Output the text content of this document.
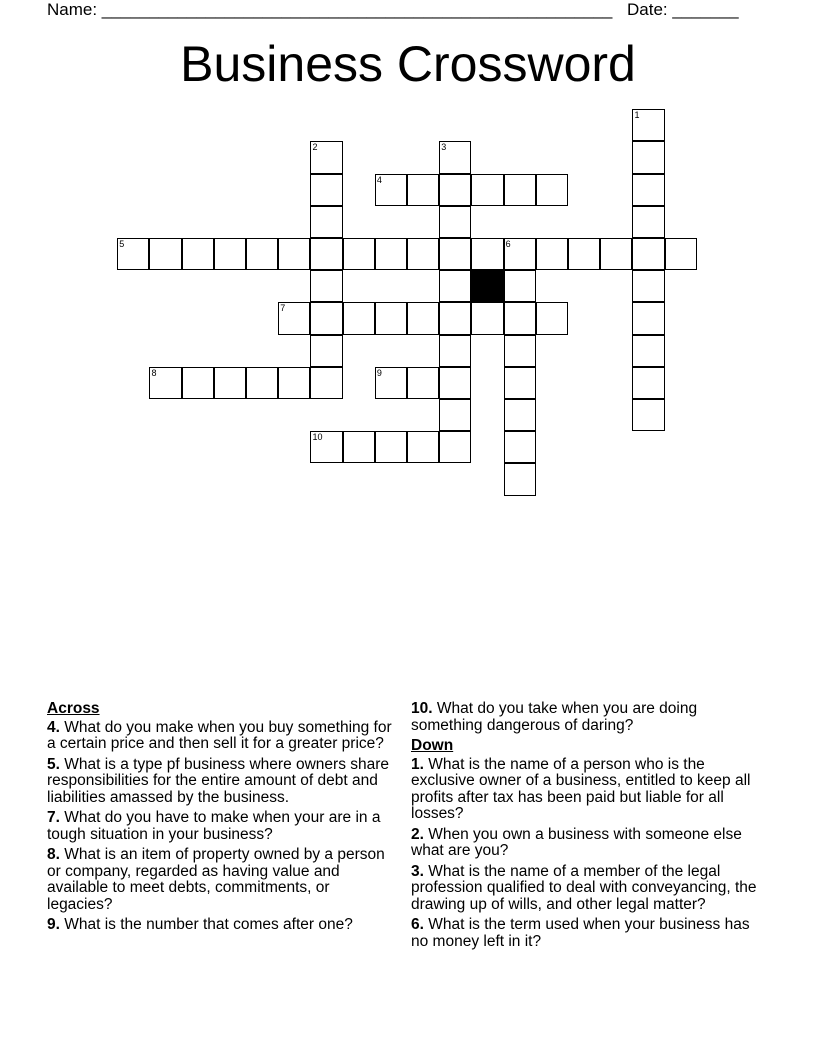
Name: ______________________________________________________ Date: _______
Business Crossword
1
2	3
4
5	6
7
8	9
10
Across
4. What do you make when you buy something for a certain price and then sell it for a greater price?
5. What is a type pf business where owners share responsibilities for the entire amount of debt and liabilities amassed by the business.
7. What do you have to make when your are in a tough situation in your business?
8. What is an item of property owned by a person or company, regarded as having value and available to meet debts, commitments, or legacies?
9. What is the number that comes after one?
10. What do you take when you are doing something dangerous of daring?
Down
1. What is the name of a person who is the exclusive owner of a business, entitled to keep all profits after tax has been paid but liable for all losses?
2. When you own a business with someone else what are you?
3. What is the name of a member of the legal profession qualified to deal with conveyancing, the drawing up of wills, and other legal matter?
6. What is the term used when your business has no money left in it?
